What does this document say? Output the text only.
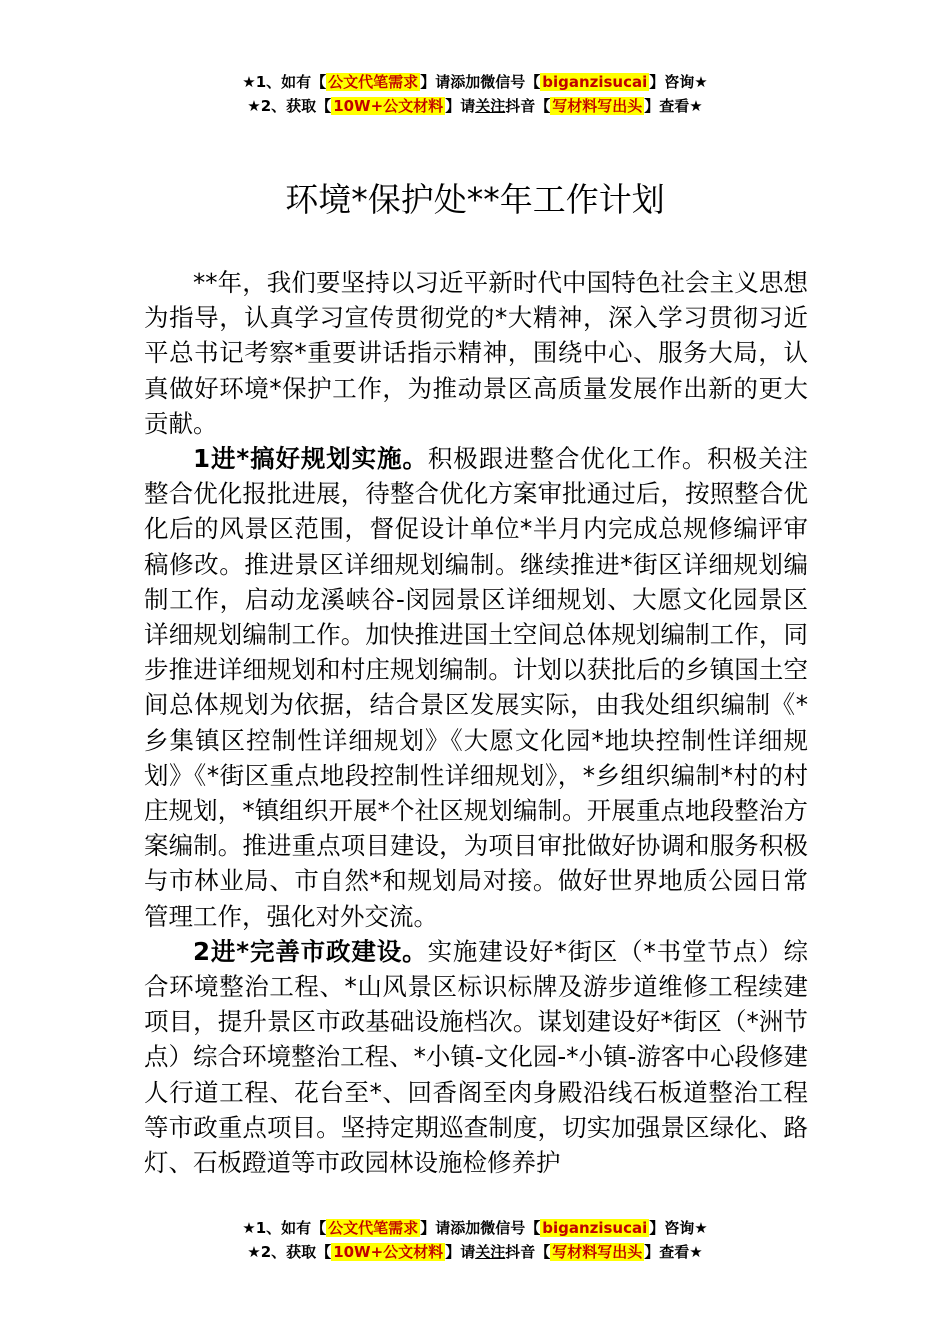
★1、如有【 公文代笔需求 】请添加微信号【 biganzisucai 】咨询★
★2、获取【 10W+公文材料 】请关注抖音【 写材料写出头 】查看★
环境*保护处**年工作计划

**年，我们要坚持以习近平新时代中国特色社会主义思想为指导，认真学习宣传贯彻党的*大精神，深入学习贯彻习近平总书记考察*重要讲话指示精神，围绕中心、服务大局，认真做好环境*保护工作，为推动景区高质量发展作出新的更大贡献。

1进*搞好规划实施。积极跟进整合优化工作。积极关注整合优化报批进展，待整合优化方案审批通过后，按照整合优化后的风景区范围，督促设计单位*半月内完成总规修编评审稿修改。推进景区详细规划编制。继续推进*街区详细规划编制工作，启动龙溪峡谷-闵园景区详细规划、大愿文化园景区详细规划编制工作。加快推进国土空间总体规划编制工作，同步推进详细规划和村庄规划编制。计划以获批后的乡镇国土空间总体规划为依据，结合景区发展实际，由我处组织编制《*乡集镇区控制性详细规划》《大愿文化园*地块控制性详细规划》《*街区重点地段控制性详细规划》，*乡组织编制*村的村庄规划，*镇组织开展*个社区规划编制。开展重点地段整治方案编制。推进重点项目建设，为项目审批做好协调和服务积极与市林业局、市自然*和规划局对接。做好世界地质公园日常管理工作，强化对外交流。

2进*完善市政建设。实施建设好*街区（*书堂节点）综合环境整治工程、*山风景区标识标牌及游步道维修工程续建项目，提升景区市政基础设施档次。谋划建设好*街区（*洲节点）综合环境整治工程、*小镇-文化园-*小镇-游客中心段修建人行道工程、花台至*、回香阁至肉身殿沿线石板道整治工程等市政重点项目。坚持定期巡查制度，切实加强景区绿化、路灯、石板蹬道等市政园林设施检修养护

★1、如有【 公文代笔需求 】请添加微信号【 biganzisucai 】咨询★
★2、获取【 10W+公文材料 】请关注抖音【 写材料写出头 】查看★
